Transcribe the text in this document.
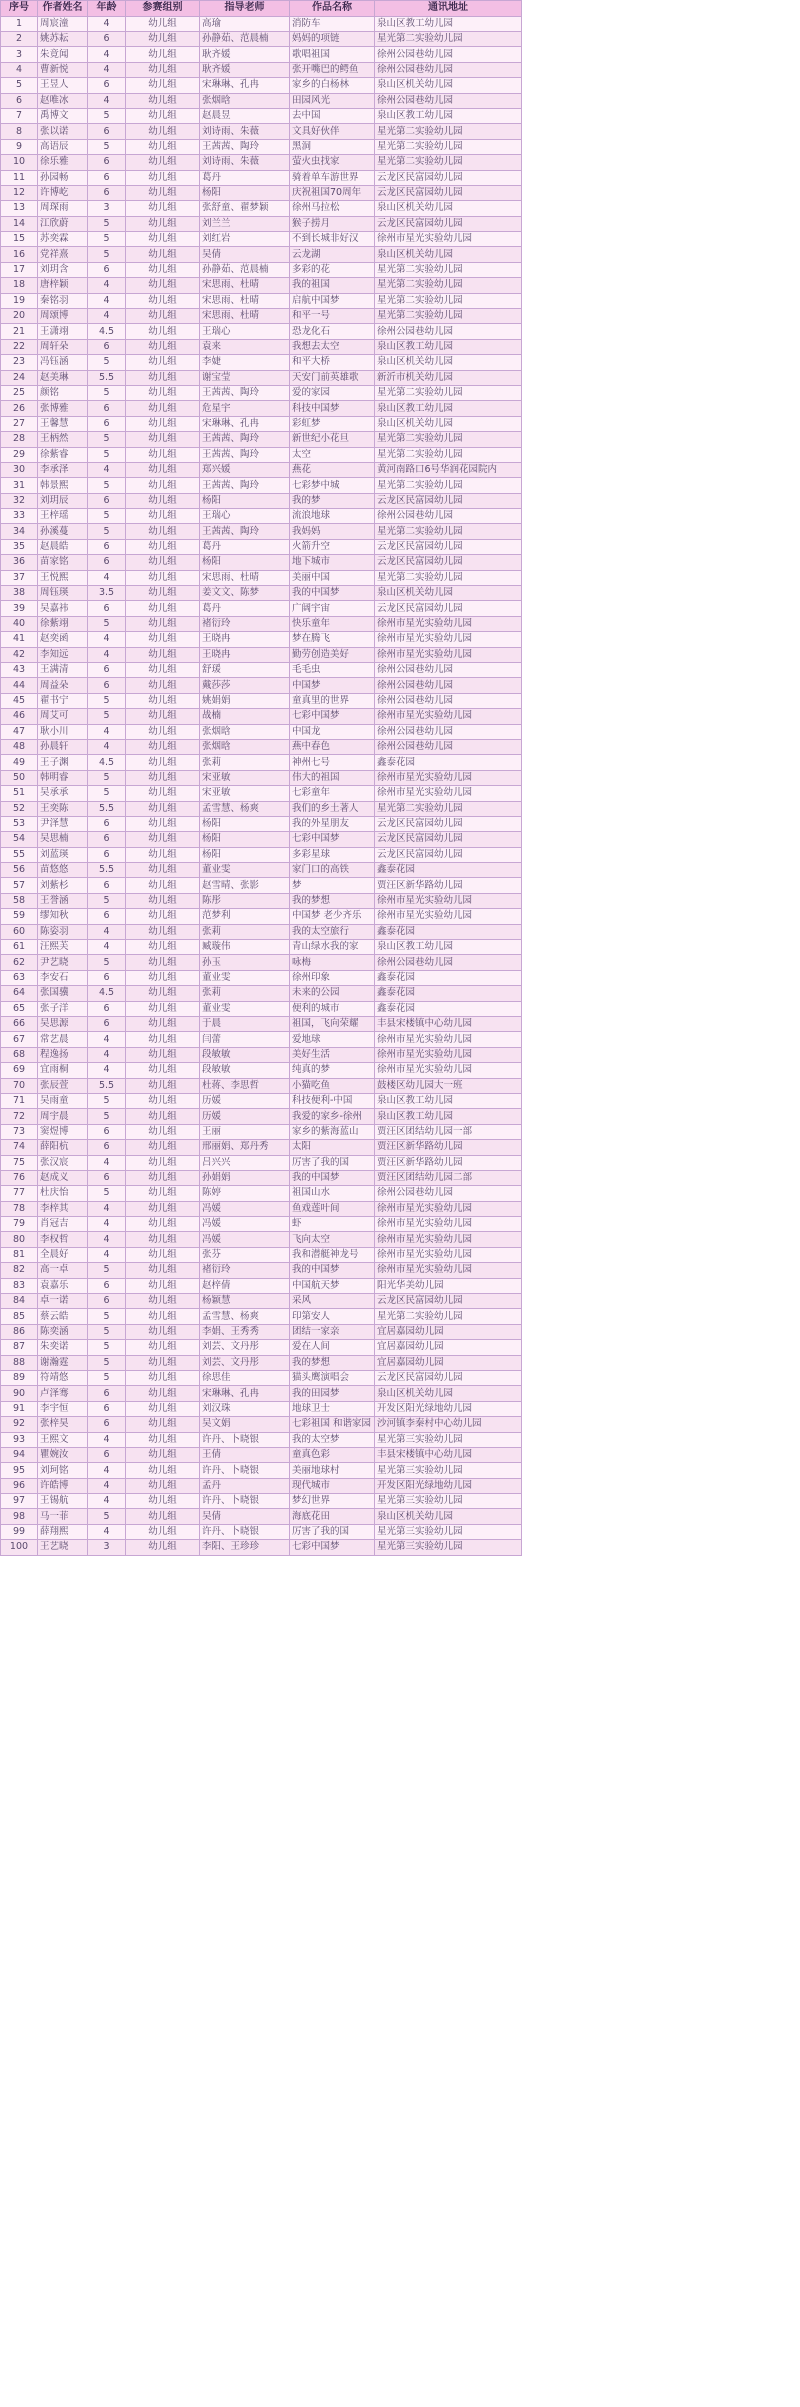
序号	作者姓名	年龄	参赛组别	指导老师	作品名称	通讯地址
1	周宸潼	4	幼儿组	高瑜	消防车	泉山区教工幼儿园
2	姚苏耘	6	幼儿组	孙静茹、范晨楠	妈妈的项链	星光第二实验幼儿园
3	朱竟闻	4	幼儿组	耿齐媛	歌唱祖国	徐州公园巷幼儿园
4	曹新悦	4	幼儿组	耿齐媛	张开嘴巴的鳄鱼	徐州公园巷幼儿园
5	王昱人	6	幼儿组	宋琳琳、孔冉	家乡的白杨林	泉山区机关幼儿园
6	赵唯冰	4	幼儿组	张烟晗	田园风光	徐州公园巷幼儿园
7	禹博文	5	幼儿组	赵晨昱	去中国	泉山区教工幼儿园
8	张以诺	6	幼儿组	刘诗雨、朱薇	文具好伙伴	星光第二实验幼儿园
9	高语辰	5	幼儿组	王茜茜、陶玲	黑洞	星光第二实验幼儿园
10	徐乐雅	6	幼儿组	刘诗雨、朱薇	萤火虫找家	星光第二实验幼儿园
11	孙园畅	6	幼儿组	葛丹	骑着单车游世界	云龙区民富园幼儿园
12	许博屹	6	幼儿组	杨阳	庆祝祖国70周年	云龙区民富园幼儿园
13	周琛雨	3	幼儿组	张舒童、翟梦颖	徐州马拉松	泉山区机关幼儿园
14	江欣蔚	5	幼儿组	刘兰兰	猴子捞月	云龙区民富园幼儿园
15	苏奕霖	5	幼儿组	刘红岩	不到长城非好汉	徐州市星光实验幼儿园
16	党祥熹	5	幼儿组	吴倩	云龙湖	泉山区机关幼儿园
17	刘玥含	6	幼儿组	孙静茹、范晨楠	多彩的花	星光第二实验幼儿园
18	唐梓颖	4	幼儿组	宋思雨、杜晴	我的祖国	星光第二实验幼儿园
19	秦铭羽	4	幼儿组	宋思雨、杜晴	启航中国梦	星光第二实验幼儿园
20	周颂博	4	幼儿组	宋思雨、杜晴	和平一号	星光第二实验幼儿园
21	王潇翊	4.5	幼儿组	王瑞心	恐龙化石	徐州公园巷幼儿园
22	周轩朵	6	幼儿组	袁来	我想去太空	泉山区教工幼儿园
23	冯钰涵	5	幼儿组	李婕	和平大桥	泉山区机关幼儿园
24	赵美琳	5.5	幼儿组	谢宝莹	天安门前英雄歌	新沂市机关幼儿园
25	颜铭	5	幼儿组	王茜茜、陶玲	爱的家园	星光第二实验幼儿园
26	张博雅	6	幼儿组	危星宇	科技中国梦	泉山区教工幼儿园
27	王馨慧	6	幼儿组	宋琳琳、孔冉	彩虹梦	泉山区机关幼儿园
28	王柄然	5	幼儿组	王茜茜、陶玲	新世纪小花旦	星光第二实验幼儿园
29	徐紫睿	5	幼儿组	王茜茜、陶玲	太空	星光第二实验幼儿园
30	李承泽	4	幼儿组	郑兴媛	燕花	黄河南路口6号华润花园院内
31	韩景熙	5	幼儿组	王茜茜、陶玲	七彩梦中城	星光第二实验幼儿园
32	刘玥辰	6	幼儿组	杨阳	我的梦	云龙区民富园幼儿园
33	王梓瑶	5	幼儿组	王瑞心	流浪地球	徐州公园巷幼儿园
34	孙溪蔓	5	幼儿组	王茜茜、陶玲	我妈妈	星光第二实验幼儿园
35	赵晨皓	6	幼儿组	葛丹	火箭升空	云龙区民富园幼儿园
36	苗家铭	6	幼儿组	杨阳	地下城市	云龙区民富园幼儿园
37	王悦熙	4	幼儿组	宋思雨、杜晴	美丽中国	星光第二实验幼儿园
38	周钰瑛	3.5	幼儿组	姜文文、陈梦	我的中国梦	泉山区机关幼儿园
39	吴嘉祎	6	幼儿组	葛丹	广阔宇宙	云龙区民富园幼儿园
40	徐紫翊	5	幼儿组	褚衍玲	快乐童年	徐州市星光实验幼儿园
41	赵奕函	4	幼儿组	王晓冉	梦在腾飞	徐州市星光实验幼儿园
42	李知远	4	幼儿组	王晓冉	勤劳创造美好	徐州市星光实验幼儿园
43	王满清	6	幼儿组	舒瑗	毛毛虫	徐州公园巷幼儿园
44	周益朵	6	幼儿组	戴莎莎	中国梦	徐州公园巷幼儿园
45	翟书宁	5	幼儿组	姚娟娟	童真里的世界	徐州公园巷幼儿园
46	周艾可	5	幼儿组	战楠	七彩中国梦	徐州市星光实验幼儿园
47	耿小川	4	幼儿组	张烟晗	中国龙	徐州公园巷幼儿园
48	孙晨轩	4	幼儿组	张烟晗	燕中春色	徐州公园巷幼儿园
49	王子渊	4.5	幼儿组	张莉	神州七号	鑫泰花园
50	韩明睿	5	幼儿组	宋亚敏	伟大的祖国	徐州市星光实验幼儿园
51	吴承承	5	幼儿组	宋亚敏	七彩童年	徐州市星光实验幼儿园
52	王奕陈	5.5	幼儿组	孟雪慧、杨爽	我们的乡土著人	星光第二实验幼儿园
53	尹泽慧	6	幼儿组	杨阳	我的外星朋友	云龙区民富园幼儿园
54	吴思楠	6	幼儿组	杨阳	七彩中国梦	云龙区民富园幼儿园
55	刘蓝瑛	6	幼儿组	杨阳	多彩星球	云龙区民富园幼儿园
56	苗悠悠	5.5	幼儿组	董业雯	家门口的高铁	鑫泰花园
57	刘紫杉	6	幼儿组	赵雪晴、张影	梦	贾汪区新华路幼儿园
58	王誉涵	5	幼儿组	陈彤	我的梦想	徐州市星光实验幼儿园
59	缪知秋	6	幼儿组	范梦利	中国梦 老少齐乐	徐州市星光实验幼儿园
60	陈姿羽	4	幼儿组	张莉	我的太空旅行	鑫泰花园
61	汪熙芙	4	幼儿组	臧璇伟	青山绿水我的家	泉山区教工幼儿园
62	尹艺晓	5	幼儿组	孙玉	咏梅	徐州公园巷幼儿园
63	李安石	6	幼儿组	董业雯	徐州印象	鑫泰花园
64	张国骥	4.5	幼儿组	张莉	未来的公园	鑫泰花园
65	张子洋	6	幼儿组	董业雯	便利的城市	鑫泰花园
66	吴思源	6	幼儿组	于晨	祖国，飞向荣耀	丰县宋楼镇中心幼儿园
67	常艺晨	4	幼儿组	闫蕾	爱地球	徐州市星光实验幼儿园
68	程逸扬	4	幼儿组	段敏敏	美好生活	徐州市星光实验幼儿园
69	宜雨桐	4	幼儿组	段敏敏	纯真的梦	徐州市星光实验幼儿园
70	张辰萱	5.5	幼儿组	杜蒋、李思哲	小猫吃鱼	鼓楼区幼儿园大一班
71	吴雨童	5	幼儿组	历媛	科技便利-中国	泉山区教工幼儿园
72	周宇晨	5	幼儿组	历媛	我爱的家乡-徐州	泉山区教工幼儿园
73	窦煜博	6	幼儿组	王丽	家乡的紫海蓝山	贾汪区团结幼儿园一部
74	薛阳杭	6	幼儿组	邢丽娟、郑丹秀	太阳	贾汪区新华路幼儿园
75	张汉宸	4	幼儿组	吕兴兴	厉害了我的国	贾汪区新华路幼儿园
76	赵成义	6	幼儿组	孙娟娟	我的中国梦	贾汪区团结幼儿园二部
77	杜庆怡	5	幼儿组	陈婷	祖国山水	徐州公园巷幼儿园
78	李梓其	4	幼儿组	冯媛	鱼戏莲叶间	徐州市星光实验幼儿园
79	肖冠吉	4	幼儿组	冯媛	虾	徐州市星光实验幼儿园
80	李权哲	4	幼儿组	冯媛	飞向太空	徐州市星光实验幼儿园
81	全晨好	4	幼儿组	张芬	我和潜艇神龙号	徐州市星光实验幼儿园
82	高一卓	5	幼儿组	褚衍玲	我的中国梦	徐州市星光实验幼儿园
83	袁嘉乐	6	幼儿组	赵梓倩	中国航天梦	阳光华美幼儿园
84	卓一诺	6	幼儿组	杨颖慧	采风	云龙区民富园幼儿园
85	蔡云皓	5	幼儿组	孟雪慧、杨爽	印第安人	星光第二实验幼儿园
86	陈奕涵	5	幼儿组	李娟、王秀秀	团结一家亲	宜居嘉园幼儿园
87	朱奕诺	5	幼儿组	刘芸、文丹彤	爱在人间	宜居嘉园幼儿园
88	谢瀚霆	5	幼儿组	刘芸、文丹彤	我的梦想	宜居嘉园幼儿园
89	符靖悠	5	幼儿组	徐思佳	猫头鹰演唱会	云龙区民富园幼儿园
90	卢泽骞	6	幼儿组	宋琳琳、孔冉	我的田园梦	泉山区机关幼儿园
91	李宇恒	6	幼儿组	刘汉珠	地球卫士	开发区阳光绿地幼儿园
92	张梓昊	6	幼儿组	吴文娟	七彩祖国 和谐家园	沙河镇李秦村中心幼儿园
93	王熙文	4	幼儿组	许丹、卜晓银	我的太空梦	星光第三实验幼儿园
94	瞿婉汝	6	幼儿组	王倩	童真色彩	丰县宋楼镇中心幼儿园
95	刘珂铭	4	幼儿组	许丹、卜晓银	美丽地球村	星光第三实验幼儿园
96	许皓博	4	幼儿组	孟丹	现代城市	开发区阳光绿地幼儿园
97	王锡航	4	幼儿组	许丹、卜晓银	梦幻世界	星光第三实验幼儿园
98	马一菲	5	幼儿组	吴倩	海底花田	泉山区机关幼儿园
99	薛翔熙	4	幼儿组	许丹、卜晓银	厉害了我的国	星光第三实验幼儿园
100	王艺晓	3	幼儿组	李阳、王珍珍	七彩中国梦	星光第三实验幼儿园
